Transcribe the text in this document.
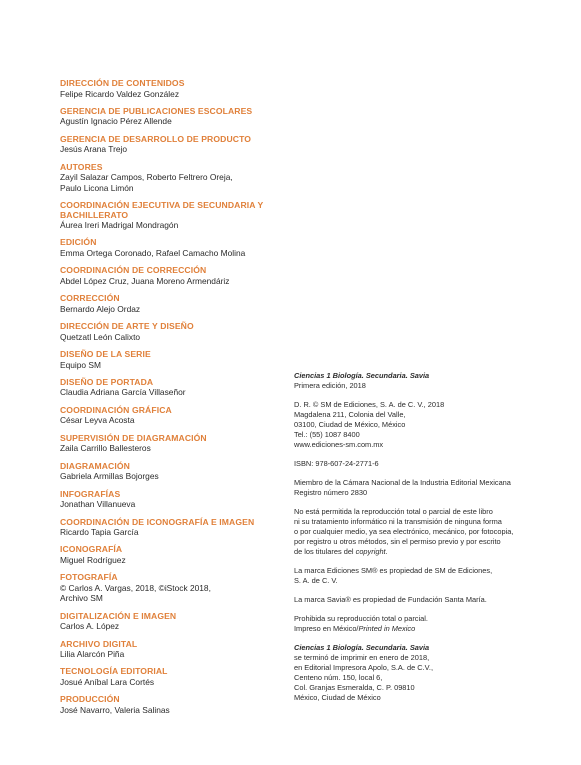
DIRECCIÓN DE CONTENIDOS
Felipe Ricardo Valdez González
GERENCIA DE PUBLICACIONES ESCOLARES
Agustín Ignacio Pérez Allende
GERENCIA DE DESARROLLO DE PRODUCTO
Jesús Arana Trejo
AUTORES
Zayil Salazar Campos, Roberto Feltrero Oreja,
Paulo Licona Limón
COORDINACIÓN EJECUTIVA DE SECUNDARIA Y BACHILLERATO
Áurea Ireri Madrigal Mondragón
EDICIÓN
Emma Ortega Coronado, Rafael Camacho Molina
COORDINACIÓN DE CORRECCIÓN
Abdel López Cruz, Juana Moreno Armendáriz
CORRECCIÓN
Bernardo Alejo Ordaz
DIRECCIÓN DE ARTE Y DISEÑO
Quetzatl León Calixto
DISEÑO DE LA SERIE
Equipo SM
DISEÑO DE PORTADA
Claudia Adriana García Villaseñor
COORDINACIÓN GRÁFICA
César Leyva Acosta
SUPERVISIÓN DE DIAGRAMACIÓN
Zaila Carrillo Ballesteros
DIAGRAMACIÓN
Gabriela Armillas Bojorges
INFOGRAFÍAS
Jonathan Villanueva
COORDINACIÓN DE ICONOGRAFÍA E IMAGEN
Ricardo Tapia García
ICONOGRAFÍA
Miguel Rodríguez
FOTOGRAFÍA
© Carlos A. Vargas, 2018, ©iStock 2018,
Archivo SM
DIGITALIZACIÓN E IMAGEN
Carlos A. López
ARCHIVO DIGITAL
Lilia Alarcón Piña
TECNOLOGÍA EDITORIAL
Josué Aníbal Lara Cortés
PRODUCCIÓN
José Navarro, Valeria Salinas

Ciencias 1 Biología. Secundaria. Savia
Primera edición, 2018

D. R. © SM de Ediciones, S. A. de C. V., 2018
Magdalena 211, Colonia del Valle,
03100, Ciudad de México, México
Tel.: (55) 1087 8400
www.ediciones-sm.com.mx

ISBN: 978-607-24-2771-6

Miembro de la Cámara Nacional de la Industria Editorial Mexicana
Registro número 2830

No está permitida la reproducción total o parcial de este libro
ni su tratamiento informático ni la transmisión de ninguna forma
o por cualquier medio, ya sea electrónico, mecánico, por fotocopia,
por registro u otros métodos, sin el permiso previo y por escrito
de los titulares del copyright.

La marca Ediciones SM® es propiedad de SM de Ediciones,
S. A. de C. V.

La marca Savia® es propiedad de Fundación Santa María.

Prohibida su reproducción total o parcial.
Impreso en México/Printed in Mexico

Ciencias 1 Biología. Secundaria. Savia
se terminó de imprimir en enero de 2018,
en Editorial Impresora Apolo, S.A. de C.V.,
Centeno núm. 150, local 6,
Col. Granjas Esmeralda, C. P. 09810
México, Ciudad de México
